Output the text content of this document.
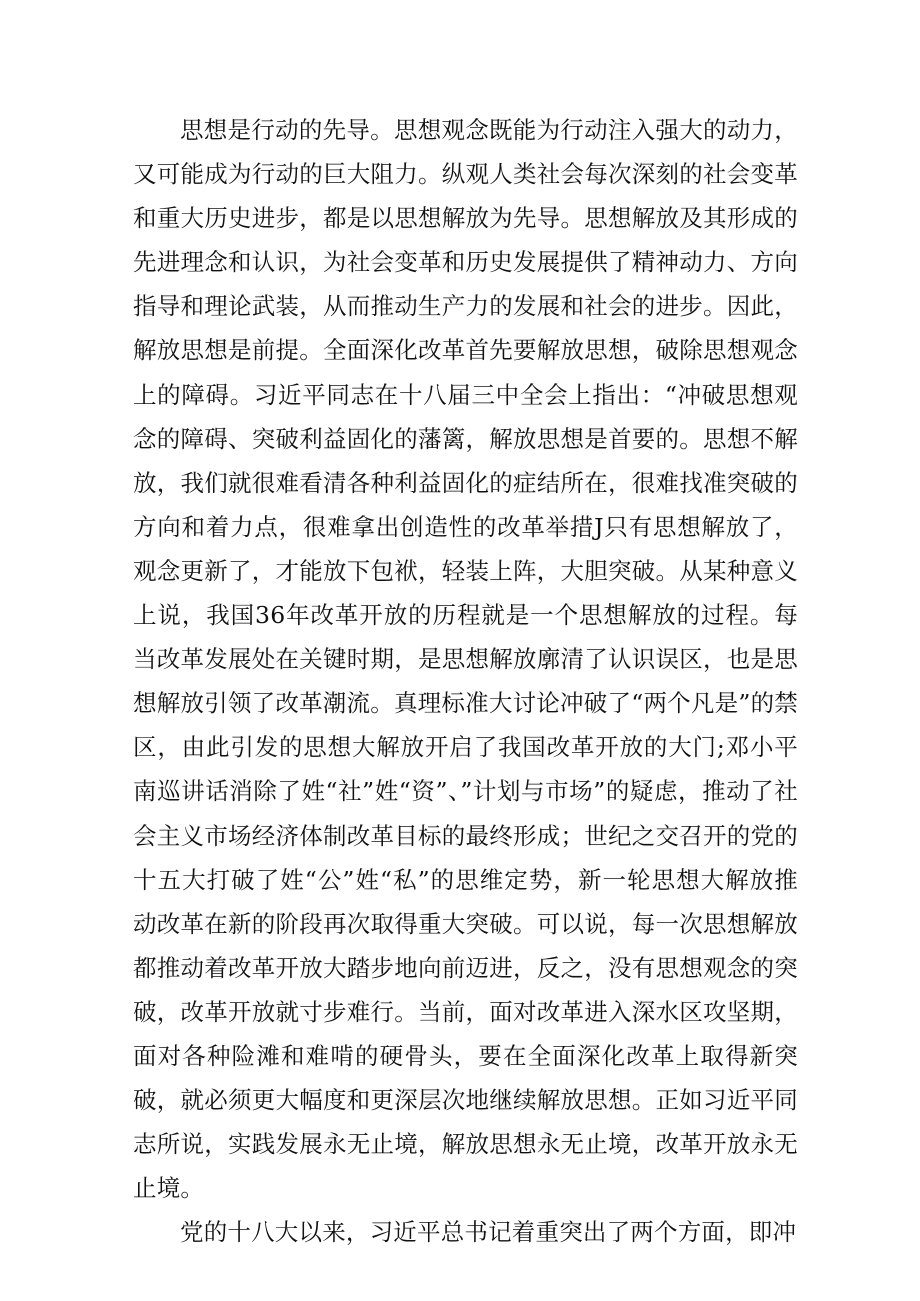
思想是行动的先导。思想观念既能为行动注入强大的动力，又可能成为行动的巨大阻力。纵观人类社会每次深刻的社会变革和重大历史进步，都是以思想解放为先导。思想解放及其形成的先进理念和认识，为社会变革和历史发展提供了精神动力、方向指导和理论武装，从而推动生产力的发展和社会的进步。因此，解放思想是前提。全面深化改革首先要解放思想，破除思想观念上的障碍。习近平同志在十八届三中全会上指出：“冲破思想观念的障碍、突破利益固化的藩篱，解放思想是首要的。思想不解放，我们就很难看清各种利益固化的症结所在，很难找准突破的方向和着力点，很难拿出创造性的改革举措J只有思想解放了，观念更新了，才能放下包袱，轻装上阵，大胆突破。从某种意义上说，我国36年改革开放的历程就是一个思想解放的过程。每当改革发展处在关键时期，是思想解放廓清了认识误区，也是思想解放引领了改革潮流。真理标准大讨论冲破了“两个凡是”的禁区，由此引发的思想大解放开启了我国改革开放的大门;邓小平南巡讲话消除了姓“社”姓“资”、”计划与市场”的疑虑，推动了社会主义市场经济体制改革目标的最终形成；世纪之交召开的党的十五大打破了姓“公”姓“私”的思维定势，新一轮思想大解放推动改革在新的阶段再次取得重大突破。可以说，每一次思想解放都推动着改革开放大踏步地向前迈进，反之，没有思想观念的突破，改革开放就寸步难行。当前，面对改革进入深水区攻坚期，面对各种险滩和难啃的硬骨头，要在全面深化改革上取得新突破，就必须更大幅度和更深层次地继续解放思想。正如习近平同志所说，实践发展永无止境，解放思想永无止境，改革开放永无止境。

党的十八大以来，习近平总书记着重突出了两个方面，即冲
